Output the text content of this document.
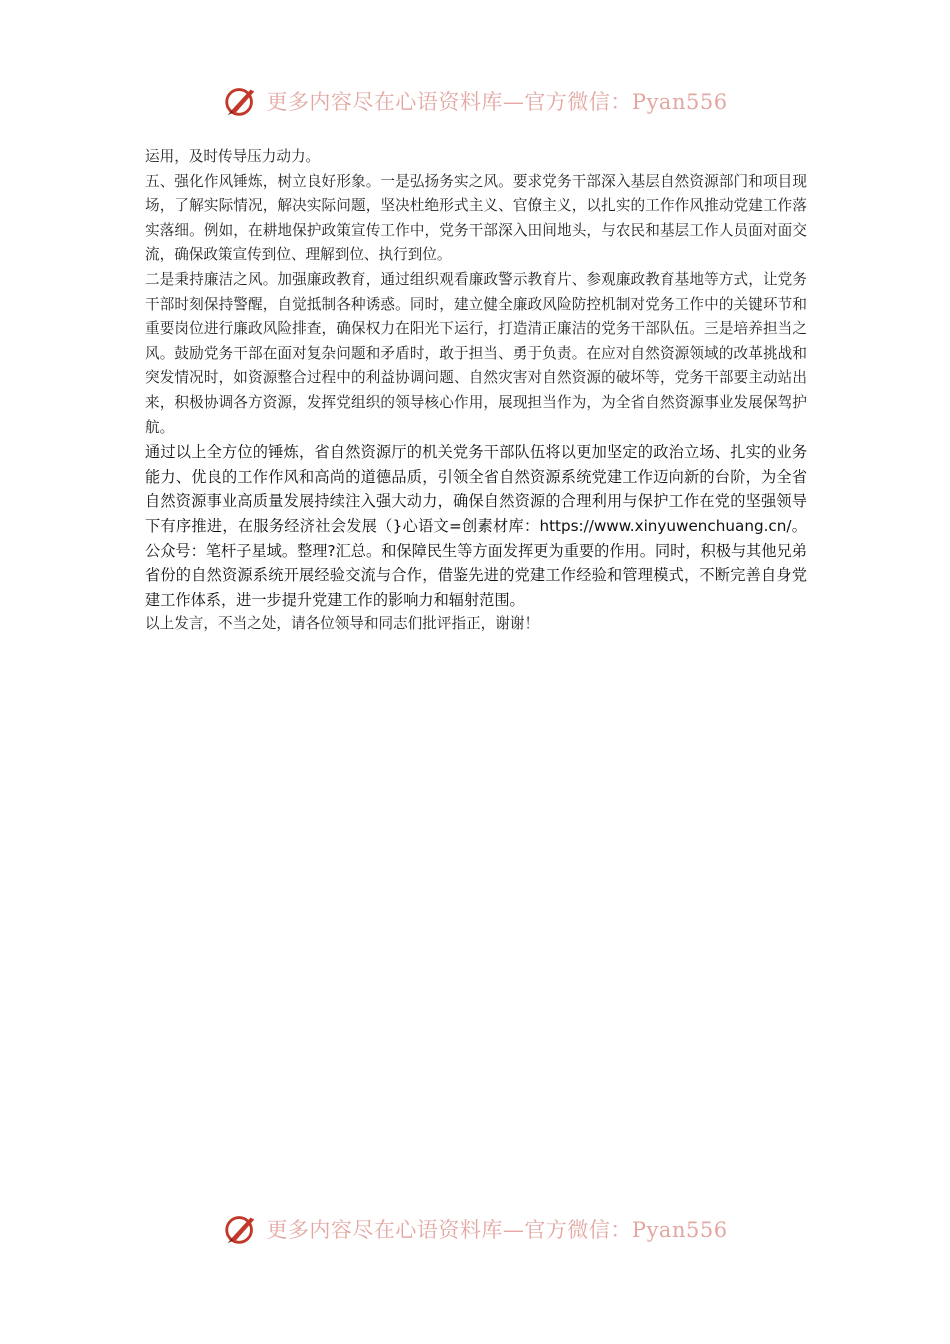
更多内容尽在心语资料库—官方微信：Pyan556

运用，及时传导压力动力。

五、强化作风锤炼，树立良好形象。一是弘扬务实之风。要求党务干部深入基层自然资源部门和项目现场，了解实际情况，解决实际问题，坚决杜绝形式主义、官僚主义，以扎实的工作作风推动党建工作落实落细。例如，在耕地保护政策宣传工作中，党务干部深入田间地头，与农民和基层工作人员面对面交流，确保政策宣传到位、理解到位、执行到位。

二是秉持廉洁之风。加强廉政教育，通过组织观看廉政警示教育片、参观廉政教育基地等方式，让党务干部时刻保持警醒，自觉抵制各种诱惑。同时，建立健全廉政风险防控机制对党务工作中的关键环节和重要岗位进行廉政风险排查，确保权力在阳光下运行，打造清正廉洁的党务干部队伍。三是培养担当之风。鼓励党务干部在面对复杂问题和矛盾时，敢于担当、勇于负责。在应对自然资源领域的改革挑战和突发情况时，如资源整合过程中的利益协调问题、自然灾害对自然资源的破坏等，党务干部要主动站出来，积极协调各方资源，发挥党组织的领导核心作用，展现担当作为，为全省自然资源事业发展保驾护航。

通过以上全方位的锤炼，省自然资源厅的机关党务干部队伍将以更加坚定的政治立场、扎实的业务能力、优良的工作作风和高尚的道德品质，引领全省自然资源系统党建工作迈向新的台阶，为全省自然资源事业高质量发展持续注入强大动力，确保自然资源的合理利用与保护工作在党的坚强领导下有序推进，在服务经济社会发展（}心语文=创素材库：https://www.xinyuwenchuang.cn/。公众号：笔杆子星域。整理?汇总。和保障民生等方面发挥更为重要的作用。同时，积极与其他兄弟省份的自然资源系统开展经验交流与合作，借鉴先进的党建工作经验和管理模式，不断完善自身党建工作体系，进一步提升党建工作的影响力和辐射范围。

以上发言，不当之处，请各位领导和同志们批评指正，谢谢！

更多内容尽在心语资料库—官方微信：Pyan556
